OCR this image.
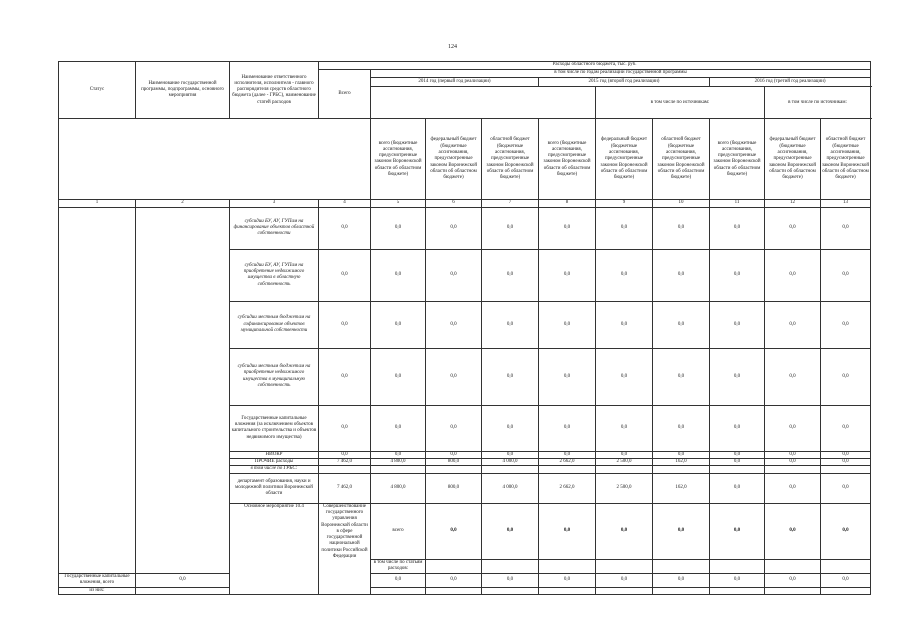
124
Статус	Наименование государственной программы, подпрограммы, основного мероприятия	Наименование ответственного исполнителя, исполнителя - главного распорядителя средств областного бюджета (далее - ГРБС), наименование статей расходов	Расходы областного бюджета, тыс. руб.										
			Всего	в том числе по годам реализации государственной программы									
				2014 год (первый год реализации)			2015 год (второй год реализации)			2016 год (третий год реализации)			
								в том числе по источникам:			в том числе по источникам:	
				всего (бюджетные ассигнования, предусмотренные законом Воронежской области об областном бюджете)	федеральный бюджет (бюджетные ассигнования, предусмотренные законом Воронежской области об областном бюджете)	областной бюджет (бюджетные ассигнования, предусмотренные законом Воронежской области об областном бюджете)	всего (бюджетные ассигнования, предусмотренные законом Воронежской области об областном бюджете)	федеральный бюджет (бюджетные ассигнования, предусмотренные законом Воронежской области об областном бюджете)	областной бюджет (бюджетные ассигнования, предусмотренные законом Воронежской области об областном бюджете)	всего (бюджетные ассигнования, предусмотренные законом Воронежской области об областном бюджете)	федеральный бюджет (бюджетные ассигнования, предусмотренные законом Воронежской области об областном бюджете)	областной бюджет (бюджетные ассигнования, предусмотренные законом Воронежской области об областном бюджете)	
1	2	3	4	5	6	7	8	9	10	11	12	13	
		субсидии БУ, АУ, ГУПам на финансирование объектов областной собственности	0,0	0,0	0,0	0,0	0,0	0,0	0,0	0,0	0,0	0,0	
		субсидии БУ, АУ, ГУПам на приобретение недвижимого имущества в областную собственность	0,0	0,0	0,0	0,0	0,0	0,0	0,0	0,0	0,0	0,0	
		субсидии местным бюджетам на софинансирование объектов муниципальной собственности	0,0	0,0	0,0	0,0	0,0	0,0	0,0	0,0	0,0	0,0	
		субсидии местным бюджетам на приобретение недвижимого имущества в муниципальную собственность	0,0	0,0	0,0	0,0	0,0	0,0	0,0	0,0	0,0	0,0	
		Государственные капитальные вложения (за исключением объектов капитального строительства и объектов недвижимого имущества)	0,0	0,0	0,0	0,0	0,0	0,0	0,0	0,0	0,0	0,0	
		НИОКР	0,0	0,0	0,0	0,0	0,0	0,0	0,0	0,0	0,0	0,0	
		ПРОЧИЕ расходы	7 462,0	4 800,0	800,0	4 000,0	2 662,0	2 500,0	162,0	0,0	0,0	0,0	
		в том числе по ГРБС:											
		департамент образования, науки и молодежной политики Воронежской области	7 462,0	4 800,0	800,0	4 000,0	2 662,0	2 500,0	162,0	0,0	0,0	0,0	
		Основное мероприятие 10.4	Совершенствование государственного управления Воронежской области в сфере государственной национальной политики Российской Федерации	всего	0,0	0,0	0,0	0,0	0,0	0,0	0,0	0,0		
				в том числе по статьям расходов:										
Государственные капитальные вложения, всего	0,0			0,0	0,0	0,0	0,0	0,0	0,0	0,0	0,0	0,0	
из них:													
